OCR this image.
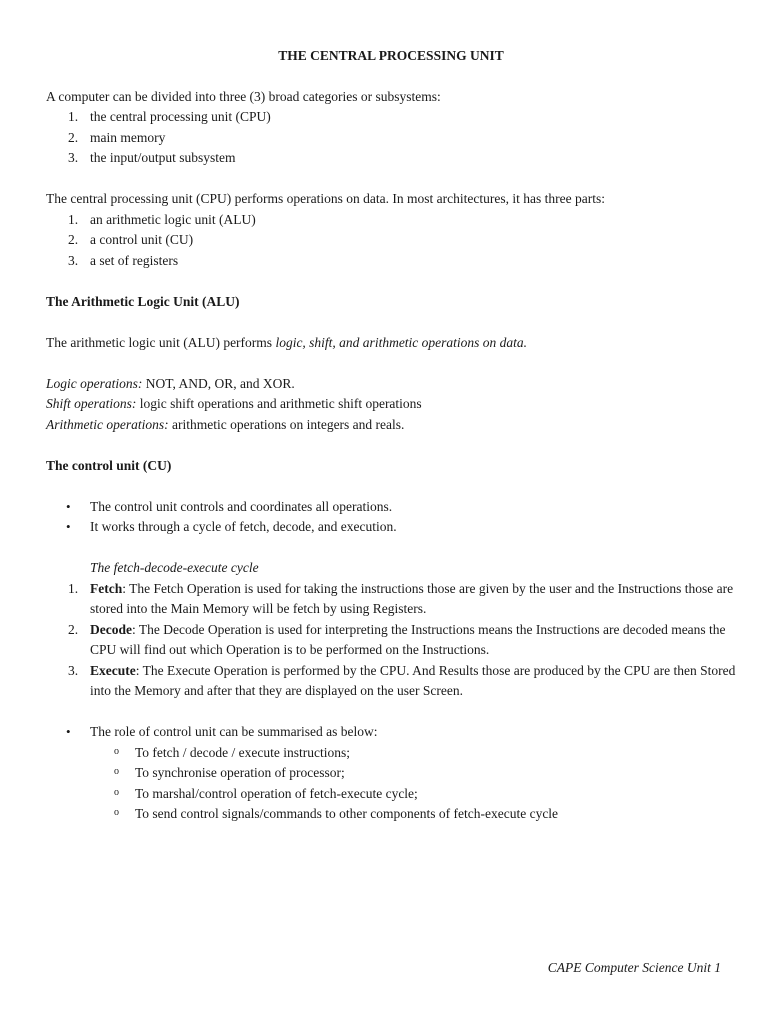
THE CENTRAL PROCESSING UNIT

A computer can be divided into three (3) broad categories or subsystems:

1. the central processing unit (CPU)
2. main memory
3. the input/output subsystem

The central processing unit (CPU) performs operations on data. In most architectures, it has three parts:

1. an arithmetic logic unit (ALU)
2. a control unit (CU)
3. a set of registers

The Arithmetic Logic Unit (ALU)

The arithmetic logic unit (ALU) performs logic, shift, and arithmetic operations on data.

Logic operations: NOT, AND, OR, and XOR.

Shift operations: logic shift operations and arithmetic shift operations

Arithmetic operations: arithmetic operations on integers and reals.

The control unit (CU)

• The control unit controls and coordinates all operations.
• It works through a cycle of fetch, decode, and execution.

The fetch-decode-execute cycle

1. Fetch: The Fetch Operation is used for taking the instructions those are given by the user and the Instructions those are stored into the Main Memory will be fetch by using Registers.
2. Decode: The Decode Operation is used for interpreting the Instructions means the Instructions are decoded means the CPU will find out which Operation is to be performed on the Instructions.
3. Execute: The Execute Operation is performed by the CPU. And Results those are produced by the CPU are then Stored into the Memory and after that they are displayed on the user Screen.
• The role of control unit can be summarised as below:
o To fetch / decode / execute instructions;
o To synchronise operation of processor;
o To marshal/control operation of fetch-execute cycle;
o To send control signals/commands to other components of fetch-execute cycle
CAPE Computer Science Unit 1
